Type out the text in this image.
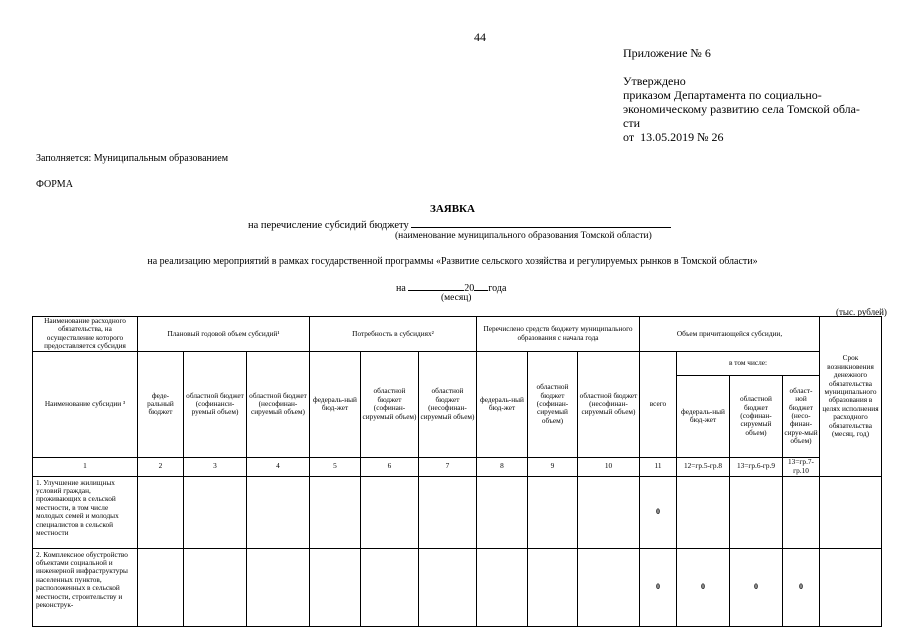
44
Приложение № 6
Утверждено
приказом Департамента по социально-
экономическому развитию села Томской обла-
сти
от  13.05.2019 № 26
Заполняется: Муниципальным образованием
ФОРМА
ЗАЯВКА
на перечисление субсидий бюджету
(наименование муниципального образования Томской области)
на реализацию мероприятий в рамках государственной программы «Развитие сельского хозяйства и регулируемых рынков в Томской области»
на	20 года
(месяц)
(тыс. рублей)
Наименование расходного обязательства, на осуществление которого предоставляется субсидия	Плановый годовой объем субсидий¹			Потребность в субсидиях²			Перечислено средств бюджету муниципального образования с начала года			Объем причитающейся субсидии,				Срок возникновения денежного обязательства муниципального образования в целях исполнения расходного обязательства (месяц, год)
Наименование субсидии ³	феде-ральный бюджет	областной бюджет (софинанси-руемый объем)	областной бюджет (несофинан-сируемый объем)	федераль-ный бюд-жет	областной бюджет (софинан-сируемый объем)	областной бюджет (несофинан-сируемый объем)	федераль-ный бюд-жет	областной бюджет (софинан-сируемый объем)	областной бюджет (несофинан-сируемый объем)	всего	в том числе:			
											федераль-ный бюд-жет	областной бюджет (софинан-сируемый объем)	област-ной бюджет (несо-финан-сируе-мый объем)	
1	2	3	4	5	6	7	8	9	10	11	12=гр.5-гр.8	13=гр.6-гр.9	13=гр.7-гр.10	
1. Улучшение жилищных условий граждан, проживающих в сельской местности, в том числе молодых семей и молодых специалистов в сельской местности										0				
2. Комплексное обустройство объектами социальной и инженерной инфраструктуры населенных пунктов, расположенных в сельской местности, строительству и реконструк-										0	0	0	0	
